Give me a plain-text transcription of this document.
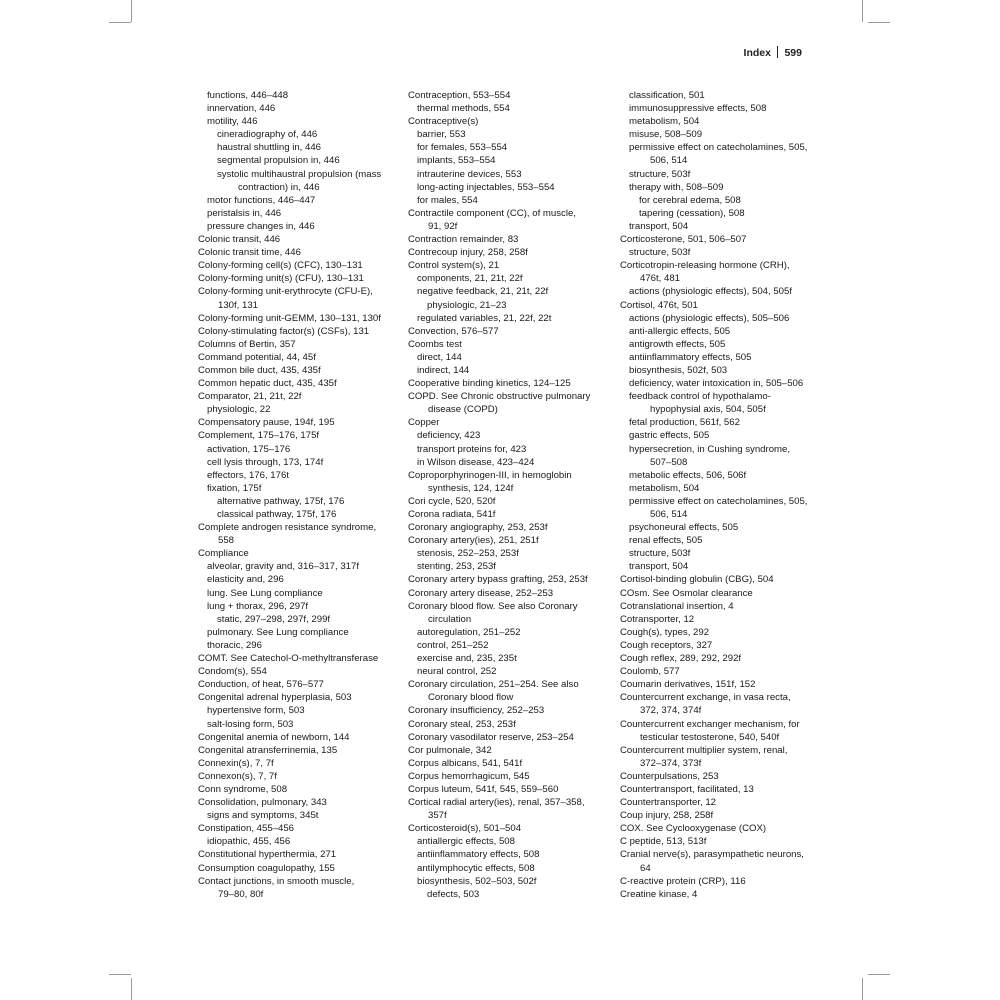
Index 599
functions, 446–448
innervation, 446
motility, 446
cineradiography of, 446
haustral shuttling in, 446
segmental propulsion in, 446
systolic multihaustral propulsion (mass
contraction) in, 446
motor functions, 446–447
peristalsis in, 446
pressure changes in, 446
Colonic transit, 446
Colonic transit time, 446
Colony-forming cell(s) (CFC), 130–131
Colony-forming unit(s) (CFU), 130–131
Colony-forming unit-erythrocyte (CFU-E),
130f, 131
Colony-forming unit-GEMM, 130–131, 130f
Colony-stimulating factor(s) (CSFs), 131
Columns of Bertin, 357
Command potential, 44, 45f
Common bile duct, 435, 435f
Common hepatic duct, 435, 435f
Comparator, 21, 21t, 22f
physiologic, 22
Compensatory pause, 194f, 195
Complement, 175–176, 175f
activation, 175–176
cell lysis through, 173, 174f
effectors, 176, 176t
fixation, 175f
alternative pathway, 175f, 176
classical pathway, 175f, 176
Complete androgen resistance syndrome,
558
Compliance
alveolar, gravity and, 316–317, 317f
elasticity and, 296
lung. See Lung compliance
lung + thorax, 296, 297f
static, 297–298, 297f, 299f
pulmonary. See Lung compliance
thoracic, 296
COMT. See Catechol-O-methyltransferase
Condom(s), 554
Conduction, of heat, 576–577
Congenital adrenal hyperplasia, 503
hypertensive form, 503
salt-losing form, 503
Congenital anemia of newborn, 144
Congenital atransferrinemia, 135
Connexin(s), 7, 7f
Connexon(s), 7, 7f
Conn syndrome, 508
Consolidation, pulmonary, 343
signs and symptoms, 345t
Constipation, 455–456
idiopathic, 455, 456
Constitutional hyperthermia, 271
Consumption coagulopathy, 155
Contact junctions, in smooth muscle,
79–80, 80f
Contraception, 553–554
thermal methods, 554
Contraceptive(s)
barrier, 553
for females, 553–554
implants, 553–554
intrauterine devices, 553
long-acting injectables, 553–554
for males, 554
Contractile component (CC), of muscle,
91, 92f
Contraction remainder, 83
Contrecoup injury, 258, 258f
Control system(s), 21
components, 21, 21t, 22f
negative feedback, 21, 21t, 22f
physiologic, 21–23
regulated variables, 21, 22f, 22t
Convection, 576–577
Coombs test
direct, 144
indirect, 144
Cooperative binding kinetics, 124–125
COPD. See Chronic obstructive pulmonary
disease (COPD)
Copper
deficiency, 423
transport proteins for, 423
in Wilson disease, 423–424
Coproporphyrinogen-III, in hemoglobin
synthesis, 124, 124f
Cori cycle, 520, 520f
Corona radiata, 541f
Coronary angiography, 253, 253f
Coronary artery(ies), 251, 251f
stenosis, 252–253, 253f
stenting, 253, 253f
Coronary artery bypass grafting, 253, 253f
Coronary artery disease, 252–253
Coronary blood flow. See also Coronary
circulation
autoregulation, 251–252
control, 251–252
exercise and, 235, 235t
neural control, 252
Coronary circulation, 251–254. See also
Coronary blood flow
Coronary insufficiency, 252–253
Coronary steal, 253, 253f
Coronary vasodilator reserve, 253–254
Cor pulmonale, 342
Corpus albicans, 541, 541f
Corpus hemorrhagicum, 545
Corpus luteum, 541f, 545, 559–560
Cortical radial artery(ies), renal, 357–358,
357f
Corticosteroid(s), 501–504
antiallergic effects, 508
antiinflammatory effects, 508
antilymphocytic effects, 508
biosynthesis, 502–503, 502f
defects, 503
classification, 501
immunosuppressive effects, 508
metabolism, 504
misuse, 508–509
permissive effect on catecholamines, 505,
506, 514
structure, 503f
therapy with, 508–509
for cerebral edema, 508
tapering (cessation), 508
transport, 504
Corticosterone, 501, 506–507
structure, 503f
Corticotropin-releasing hormone (CRH),
476t, 481
actions (physiologic effects), 504, 505f
Cortisol, 476t, 501
actions (physiologic effects), 505–506
anti-allergic effects, 505
antigrowth effects, 505
antiinflammatory effects, 505
biosynthesis, 502f, 503
deficiency, water intoxication in, 505–506
feedback control of hypothalamo-
hypophysial axis, 504, 505f
fetal production, 561f, 562
gastric effects, 505
hypersecretion, in Cushing syndrome,
507–508
metabolic effects, 506, 506f
metabolism, 504
permissive effect on catecholamines, 505,
506, 514
psychoneural effects, 505
renal effects, 505
structure, 503f
transport, 504
Cortisol-binding globulin (CBG), 504
COsm. See Osmolar clearance
Cotranslational insertion, 4
Cotransporter, 12
Cough(s), types, 292
Cough receptors, 327
Cough reflex, 289, 292, 292f
Coulomb, 577
Coumarin derivatives, 151f, 152
Countercurrent exchange, in vasa recta,
372, 374, 374f
Countercurrent exchanger mechanism, for
testicular testosterone, 540, 540f
Countercurrent multiplier system, renal,
372–374, 373f
Counterpulsations, 253
Countertransport, facilitated, 13
Countertransporter, 12
Coup injury, 258, 258f
COX. See Cyclooxygenase (COX)
C peptide, 513, 513f
Cranial nerve(s), parasympathetic neurons,
64
C-reactive protein (CRP), 116
Creatine kinase, 4
